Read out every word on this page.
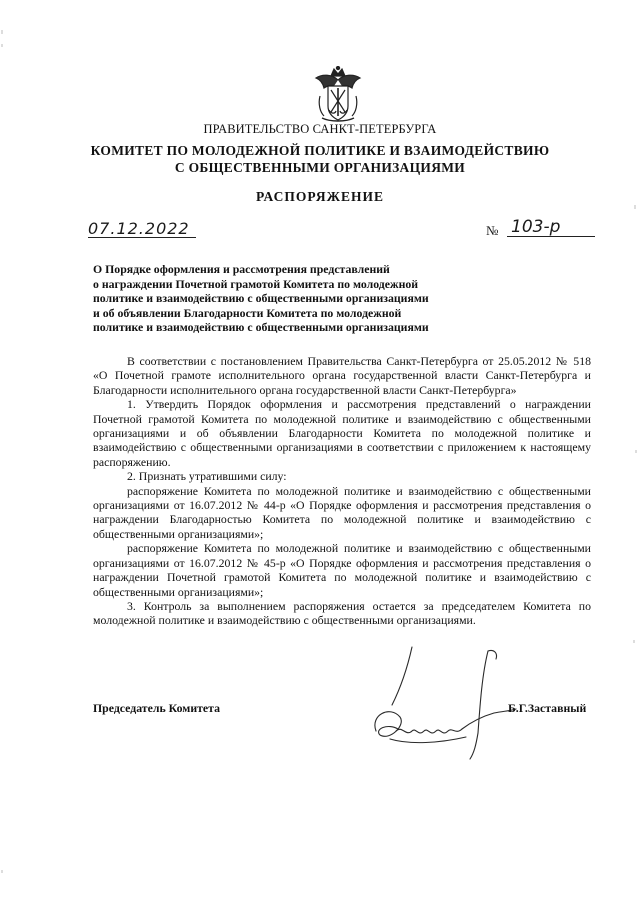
ПРАВИТЕЛЬСТВО САНКТ-ПЕТЕРБУРГА
КОМИТЕТ ПО МОЛОДЕЖНОЙ ПОЛИТИКЕ И ВЗАИМОДЕЙСТВИЮ
С ОБЩЕСТВЕННЫМИ ОРГАНИЗАЦИЯМИ
РАСПОРЯЖЕНИЕ
07.12.2022	№ 103-р
О Порядке оформления и рассмотрения представлений
о награждении Почетной грамотой Комитета по молодежной
политике и взаимодействию с общественными организациями
и об объявлении Благодарности Комитета по молодежной
политике и взаимодействию с общественными организациями

В соответствии с постановлением Правительства Санкт-Петербурга от 25.05.2012 № 518 «О Почетной грамоте исполнительного органа государственной власти Санкт-Петербурга и Благодарности исполнительного органа государственной власти Санкт-Петербурга»

1. Утвердить Порядок оформления и рассмотрения представлений о награждении Почетной грамотой Комитета по молодежной политике и взаимодействию с общественными организациями и об объявлении Благодарности Комитета по молодежной политике и взаимодействию с общественными организациями в соответствии с приложением к настоящему распоряжению.

2. Признать утратившими силу:

распоряжение Комитета по молодежной политике и взаимодействию с общественными организациями от 16.07.2012 № 44-р «О Порядке оформления и рассмотрения представления о награждении Благодарностью Комитета по молодежной политике и взаимодействию с общественными организациями»;

распоряжение Комитета по молодежной политике и взаимодействию с общественными организациями от 16.07.2012 № 45-р «О Порядке оформления и рассмотрения представления о награждении Почетной грамотой Комитета по молодежной политике и взаимодействию с общественными организациями»;

3. Контроль за выполнением распоряжения остается за председателем Комитета по молодежной политике и взаимодействию с общественными организациями.

Председатель Комитета	Б.Г.Заставный
